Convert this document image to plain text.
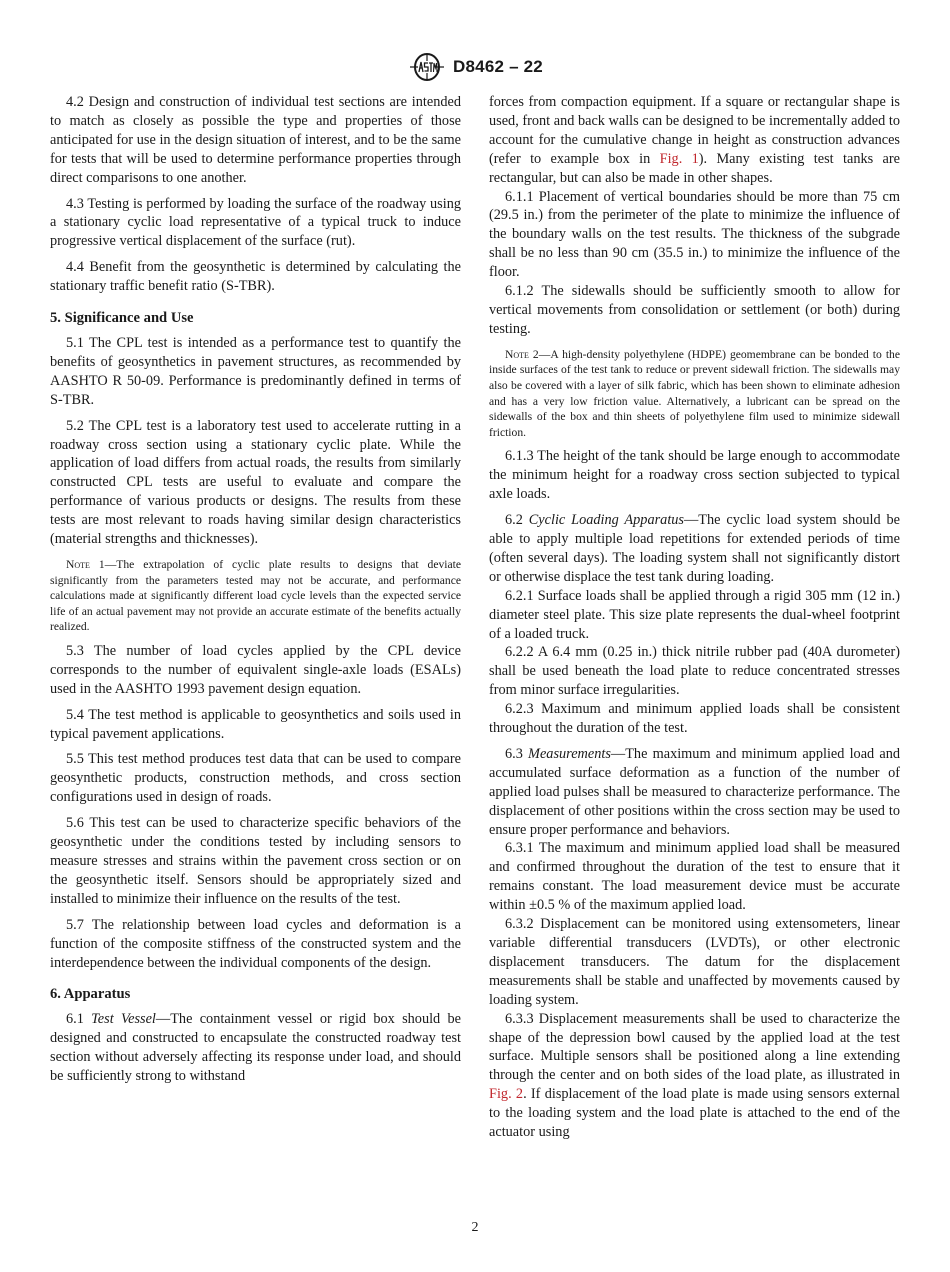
D8462 – 22

4.2 Design and construction of individual test sections are intended to match as closely as possible the type and properties of those anticipated for use in the design situation of interest, and to be the same for tests that will be used to determine performance properties through direct comparisons to one another.

4.3 Testing is performed by loading the surface of the roadway using a stationary cyclic load representative of a typical truck to induce progressive vertical displacement of the surface (rut).

4.4 Benefit from the geosynthetic is determined by calculating the stationary traffic benefit ratio (S-TBR).

5. Significance and Use

5.1 The CPL test is intended as a performance test to quantify the benefits of geosynthetics in pavement structures, as recommended by AASHTO R 50-09. Performance is predominantly defined in terms of S-TBR.

5.2 The CPL test is a laboratory test used to accelerate rutting in a roadway cross section using a stationary cyclic plate. While the application of load differs from actual roads, the results from similarly constructed CPL tests are useful to evaluate and compare the performance of various products or designs. The results from these tests are most relevant to roads having similar design characteristics (material strengths and thicknesses).

Note 1—The extrapolation of cyclic plate results to designs that deviate significantly from the parameters tested may not be accurate, and performance calculations made at significantly different load cycle levels than the expected service life of an actual pavement may not provide an accurate estimate of the benefits actually realized.

5.3 The number of load cycles applied by the CPL device corresponds to the number of equivalent single-axle loads (ESALs) used in the AASHTO 1993 pavement design equation.

5.4 The test method is applicable to geosynthetics and soils used in typical pavement applications.

5.5 This test method produces test data that can be used to compare geosynthetic products, construction methods, and cross section configurations used in design of roads.

5.6 This test can be used to characterize specific behaviors of the geosynthetic under the conditions tested by including sensors to measure stresses and strains within the pavement cross section or on the geosynthetic itself. Sensors should be appropriately sized and installed to minimize their influence on the results of the test.

5.7 The relationship between load cycles and deformation is a function of the composite stiffness of the constructed system and the interdependence between the individual components of the design.

6. Apparatus

6.1 Test Vessel—The containment vessel or rigid box should be designed and constructed to encapsulate the constructed roadway test section without adversely affecting its response under load, and should be sufficiently strong to withstand

forces from compaction equipment. If a square or rectangular shape is used, front and back walls can be designed to be incrementally added to account for the cumulative change in height as construction advances (refer to example box in Fig. 1). Many existing test tanks are rectangular, but can also be made in other shapes.

6.1.1 Placement of vertical boundaries should be more than 75 cm (29.5 in.) from the perimeter of the plate to minimize the influence of the boundary walls on the test results. The thickness of the subgrade shall be no less than 90 cm (35.5 in.) to minimize the influence of the floor.

6.1.2 The sidewalls should be sufficiently smooth to allow for vertical movements from consolidation or settlement (or both) during testing.

Note 2—A high-density polyethylene (HDPE) geomembrane can be bonded to the inside surfaces of the test tank to reduce or prevent sidewall friction. The sidewalls may also be covered with a layer of silk fabric, which has been shown to eliminate adhesion and has a very low friction value. Alternatively, a lubricant can be spread on the sidewalls of the box and thin sheets of polyethylene film used to minimize sidewall friction.

6.1.3 The height of the tank should be large enough to accommodate the minimum height for a roadway cross section subjected to typical axle loads.

6.2 Cyclic Loading Apparatus—The cyclic load system should be able to apply multiple load repetitions for extended periods of time (often several days). The loading system shall not significantly distort or otherwise displace the test tank during loading.

6.2.1 Surface loads shall be applied through a rigid 305 mm (12 in.) diameter steel plate. This size plate represents the dual-wheel footprint of a loaded truck.

6.2.2 A 6.4 mm (0.25 in.) thick nitrile rubber pad (40A durometer) shall be used beneath the load plate to reduce concentrated stresses from minor surface irregularities.

6.2.3 Maximum and minimum applied loads shall be consistent throughout the duration of the test.

6.3 Measurements—The maximum and minimum applied load and accumulated surface deformation as a function of the number of applied load pulses shall be measured to characterize performance. The displacement of other positions within the cross section may be used to ensure proper performance and behaviors.

6.3.1 The maximum and minimum applied load shall be measured and confirmed throughout the duration of the test to ensure that it remains constant. The load measurement device must be accurate within ±0.5 % of the maximum applied load.

6.3.2 Displacement can be monitored using extensometers, linear variable differential transducers (LVDTs), or other electronic displacement transducers. The datum for the displacement measurements shall be stable and unaffected by movements caused by loading system.

6.3.3 Displacement measurements shall be used to characterize the shape of the depression bowl caused by the applied load at the test surface. Multiple sensors shall be positioned along a line extending through the center and on both sides of the load plate, as illustrated in Fig. 2. If displacement of the load plate is made using sensors external to the loading system and the load plate is attached to the end of the actuator using

2
